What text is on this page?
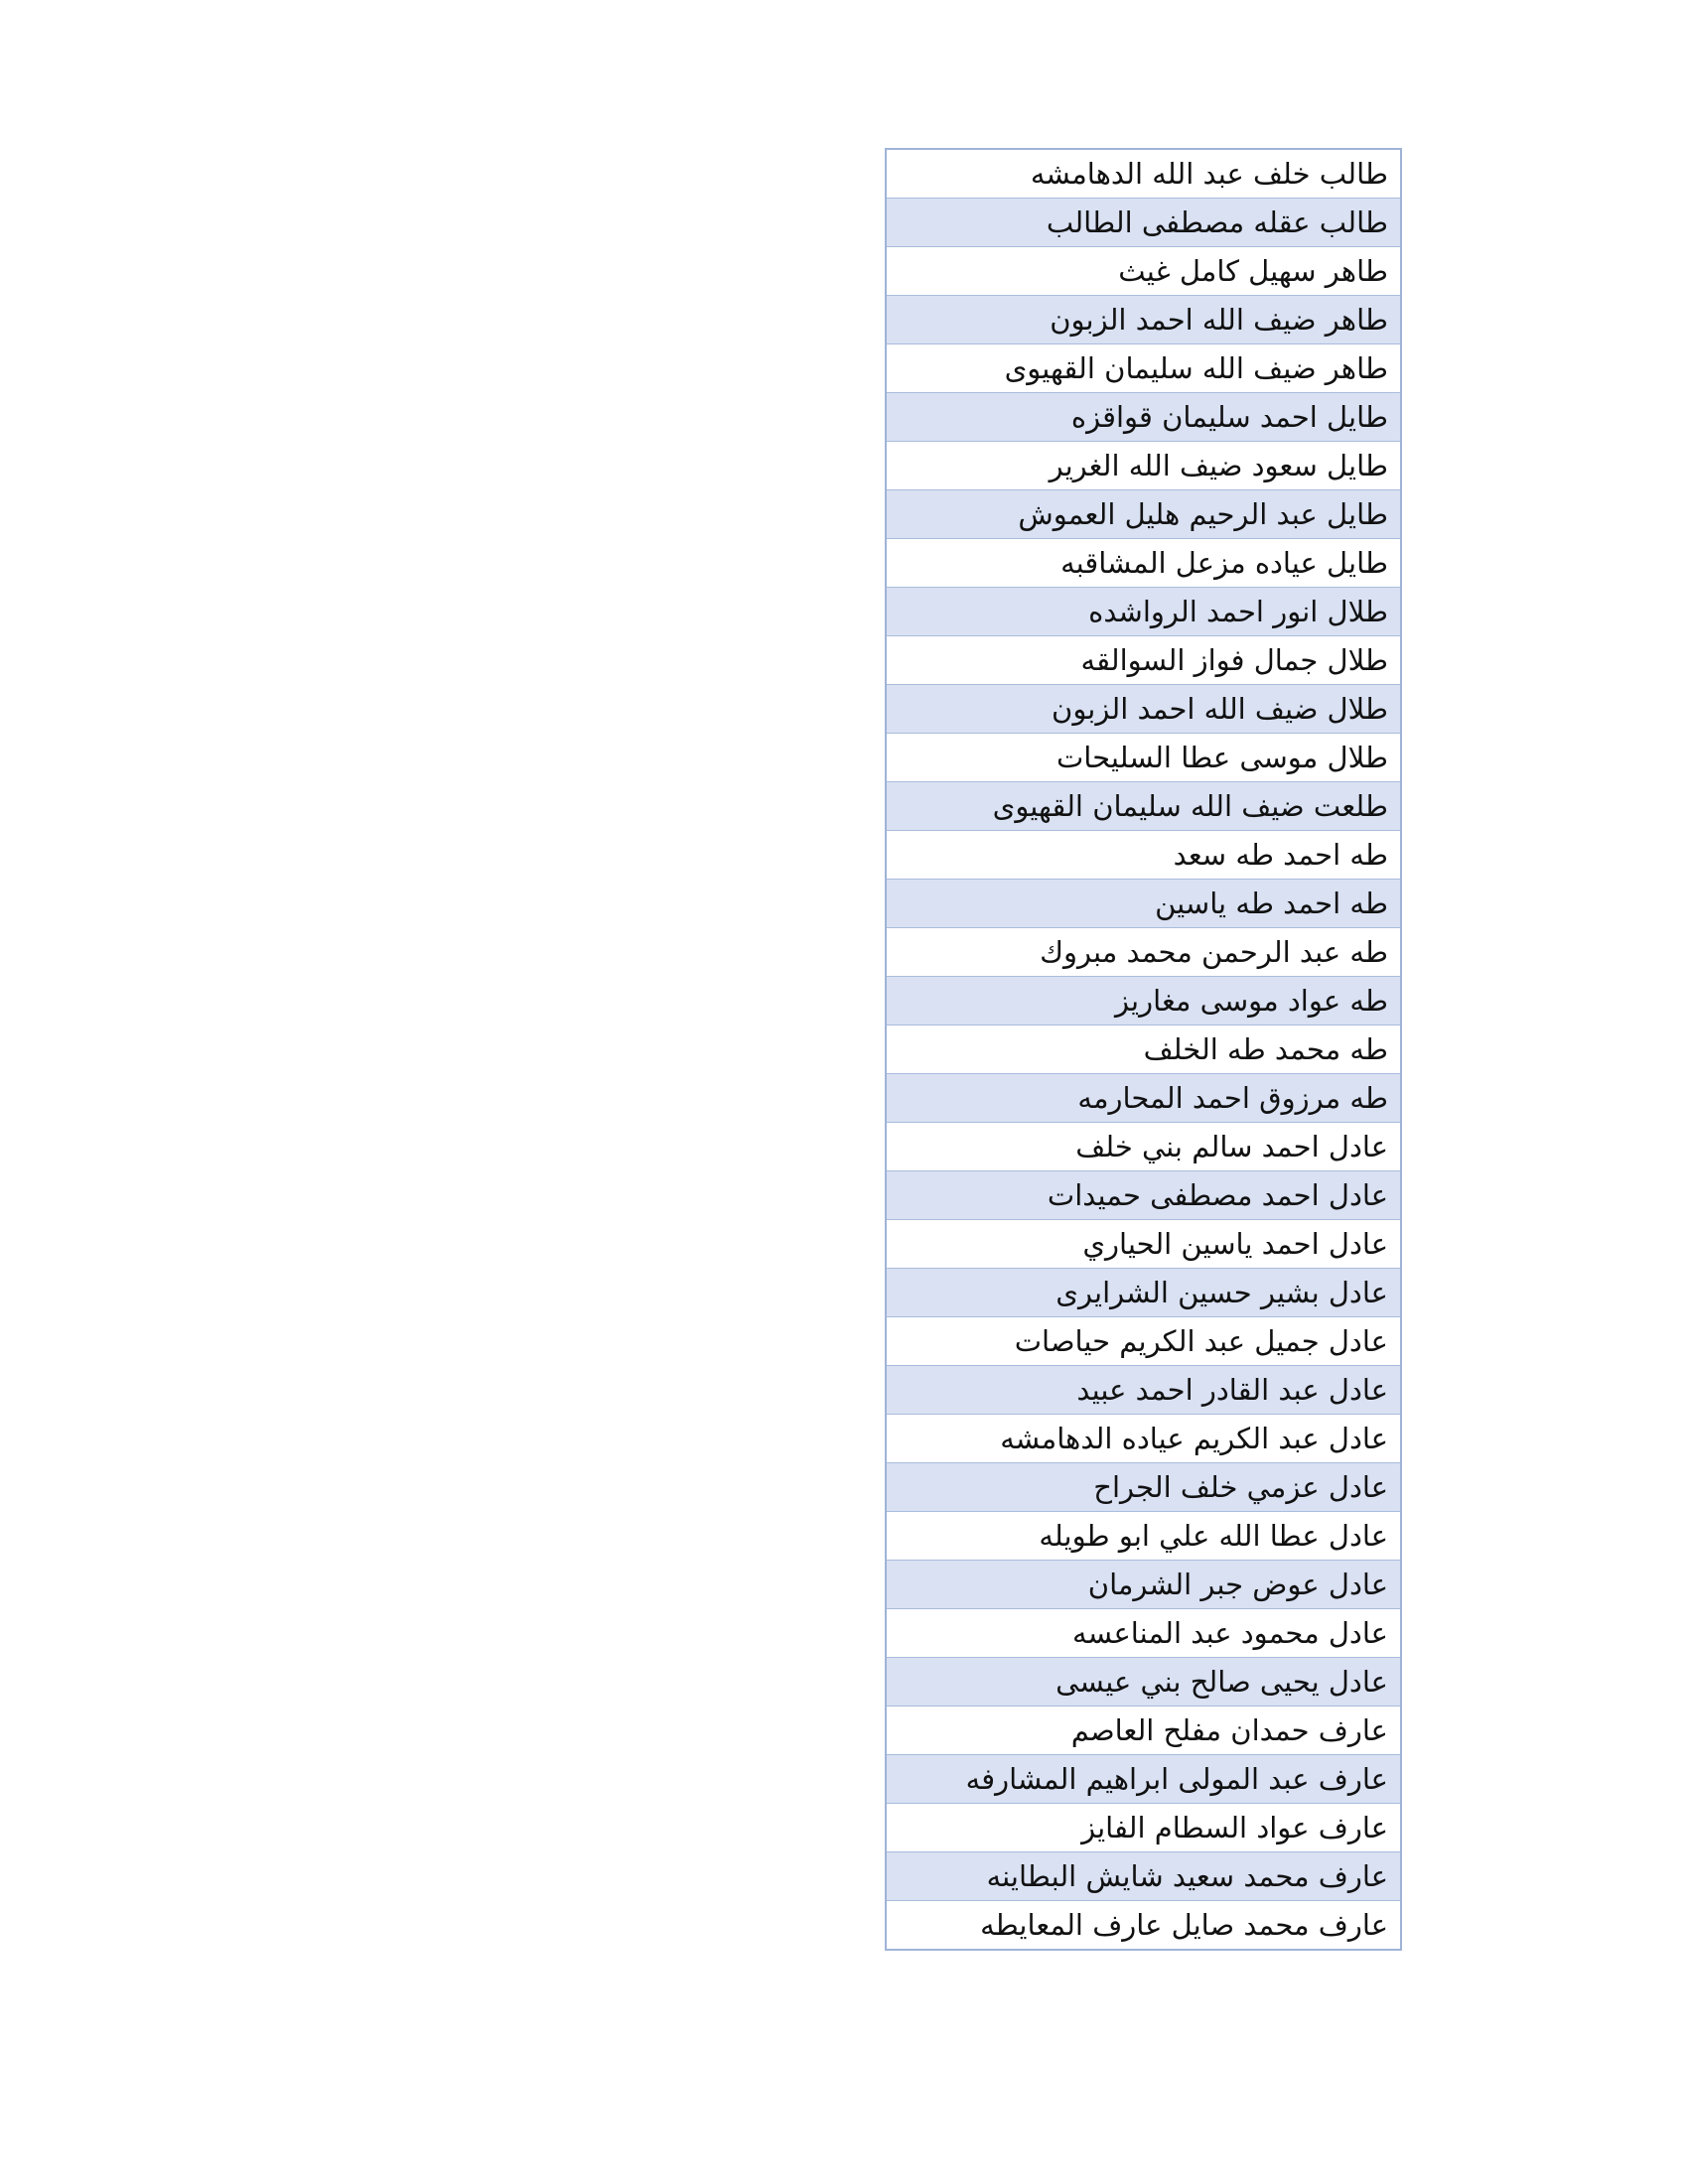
طالب خلف عبد الله الدهامشه
طالب عقله مصطفى الطالب
طاهر سهيل كامل غيث
طاهر ضيف الله احمد الزبون
طاهر ضيف الله سليمان القهيوى
طايل احمد سليمان قواقزه
طايل سعود ضيف الله الغرير
طايل عبد الرحيم هليل العموش
طايل عياده مزعل المشاقبه
طلال انور احمد الرواشده
طلال جمال فواز السوالقه
طلال ضيف الله احمد الزبون
طلال موسى عطا السليحات
طلعت ضيف الله سليمان القهيوى
طه احمد طه سعد
طه احمد طه ياسين
طه عبد الرحمن محمد مبروك
طه عواد موسى مغاريز
طه محمد طه الخلف
طه مرزوق احمد المحارمه
عادل احمد سالم بني خلف
عادل احمد مصطفى حميدات
عادل احمد ياسين الحياري
عادل بشير حسين الشرايرى
عادل جميل عبد الكريم حياصات
عادل عبد القادر احمد عبيد
عادل عبد الكريم عياده الدهامشه
عادل عزمي خلف الجراح
عادل عطا الله علي ابو طويله
عادل عوض جبر الشرمان
عادل محمود عبد المناعسه
عادل يحيى صالح بني عيسى
عارف حمدان مفلح العاصم
عارف عبد المولى ابراهيم المشارفه
عارف عواد السطام الفايز
عارف محمد سعيد شايش البطاينه
عارف محمد صايل عارف المعايطه
